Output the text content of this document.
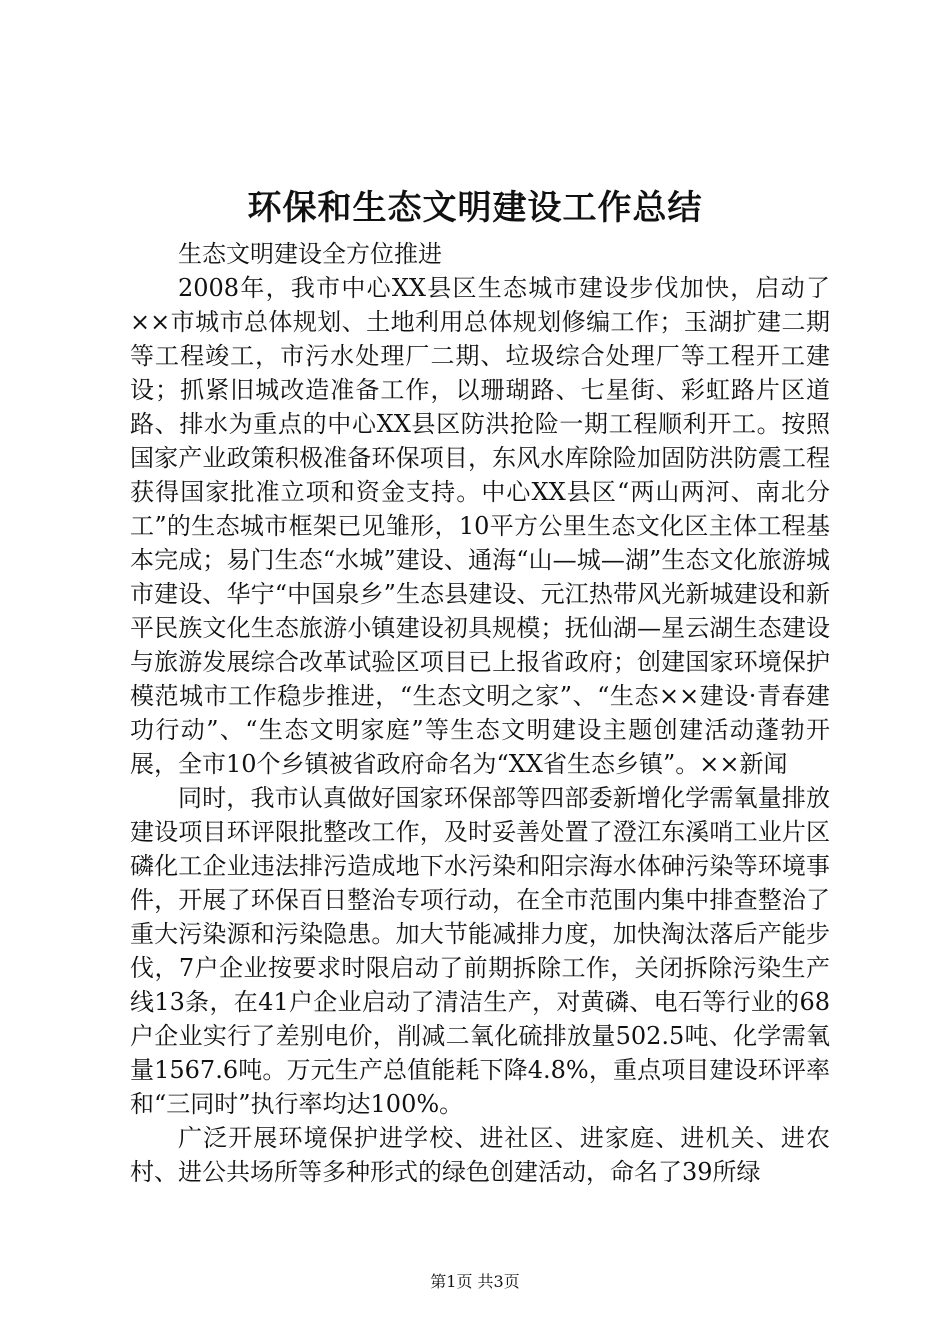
环保和生态文明建设工作总结

生态文明建设全方位推进

2008年，我市中心XX县区生态城市建设步伐加快，启动了××市城市总体规划、土地利用总体规划修编工作；玉湖扩建二期等工程竣工，市污水处理厂二期、垃圾综合处理厂等工程开工建设；抓紧旧城改造准备工作，以珊瑚路、七星街、彩虹路片区道路、排水为重点的中心XX县区防洪抢险一期工程顺利开工。按照国家产业政策积极准备环保项目，东风水库除险加固防洪防震工程获得国家批准立项和资金支持。中心XX县区“两山两河、南北分工”的生态城市框架已见雏形，10平方公里生态文化区主体工程基本完成；易门生态“水城”建设、通海“山—城—湖”生态文化旅游城市建设、华宁“中国泉乡”生态县建设、元江热带风光新城建设和新平民族文化生态旅游小镇建设初具规模；抚仙湖—星云湖生态建设与旅游发展综合改革试验区项目已上报省政府；创建国家环境保护模范城市工作稳步推进，“生态文明之家”、“生态××建设·青春建功行动”、“生态文明家庭”等生态文明建设主题创建活动蓬勃开展，全市10个乡镇被省政府命名为“XX省生态乡镇”。××新闻

同时，我市认真做好国家环保部等四部委新增化学需氧量排放建设项目环评限批整改工作，及时妥善处置了澄江东溪哨工业片区磷化工企业违法排污造成地下水污染和阳宗海水体砷污染等环境事件，开展了环保百日整治专项行动，在全市范围内集中排查整治了重大污染源和污染隐患。加大节能减排力度，加快淘汰落后产能步伐，7户企业按要求时限启动了前期拆除工作，关闭拆除污染生产线13条，在41户企业启动了清洁生产，对黄磷、电石等行业的68户企业实行了差别电价，削减二氧化硫排放量502.5吨、化学需氧量1567.6吨。万元生产总值能耗下降4.8%，重点项目建设环评率和“三同时”执行率均达100%。

广泛开展环境保护进学校、进社区、进家庭、进机关、进农村、进公共场所等多种形式的绿色创建活动，命名了39所绿

第1页 共3页
